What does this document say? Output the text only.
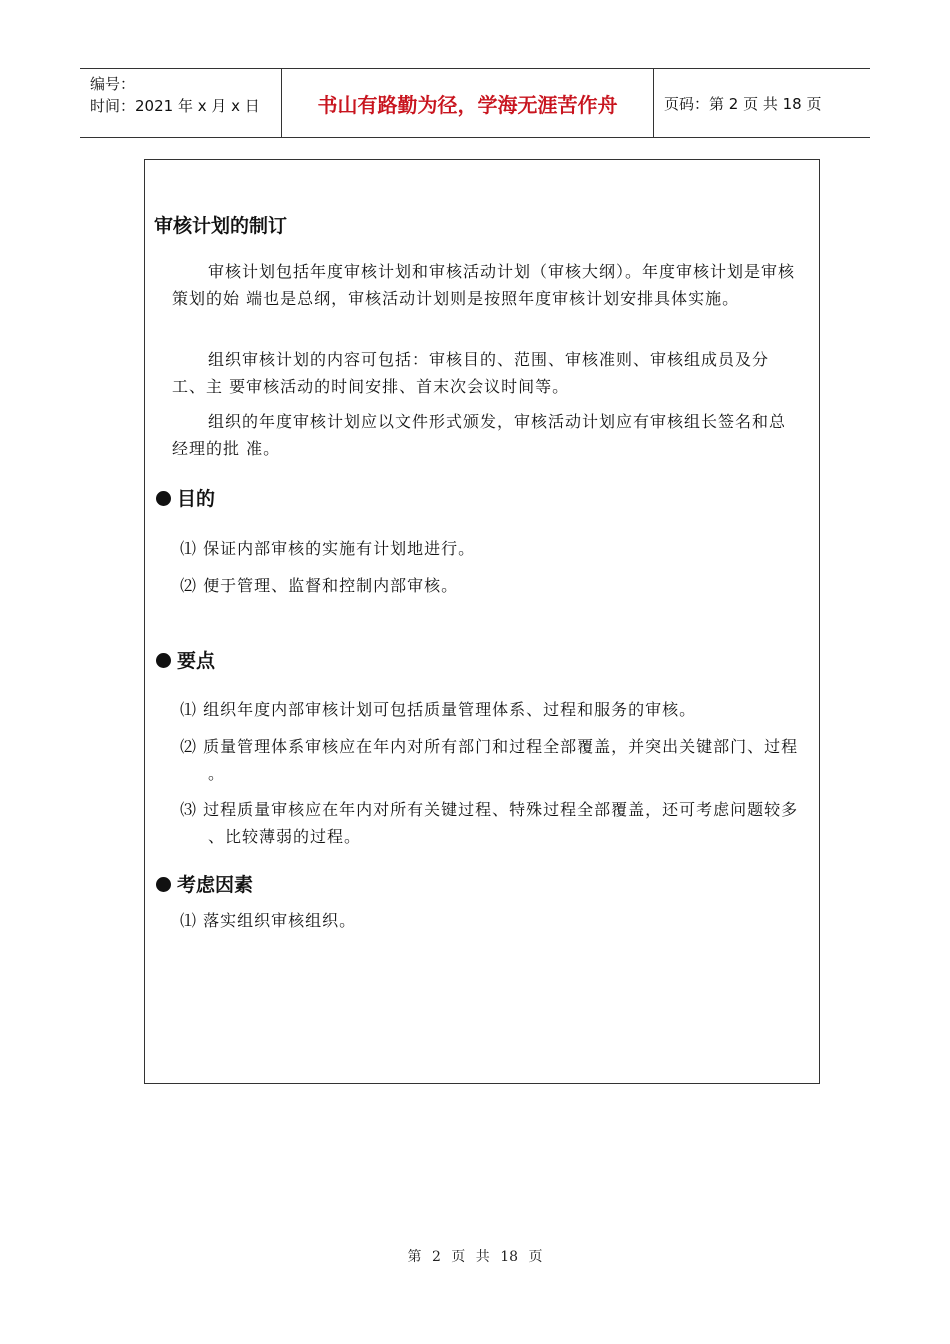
编号：
时间：2021 年 x 月 x 日	书山有路勤为径，学海无涯苦作舟	页码：第 2 页 共 18 页
审核计划的制订
审核计划包括年度审核计划和审核活动计划（审核大纲）。年度审核计划是审核策划的始 端也是总纲，审核活动计划则是按照年度审核计划安排具体实施。
组织审核计划的内容可包括：审核目的、范围、审核准则、审核组成员及分工、主 要审核活动的时间安排、首末次会议时间等。
组织的年度审核计划应以文件形式颁发，审核活动计划应有审核组长签名和总经理的批 准。
目的
⑴ 保证内部审核的实施有计划地进行。
⑵ 便于管理、监督和控制内部审核。
要点
⑴ 组织年度内部审核计划可包括质量管理体系、过程和服务的审核。
⑵ 质量管理体系审核应在年内对所有部门和过程全部覆盖，并突出关键部门、过程 。
⑶ 过程质量审核应在年内对所有关键过程、特殊过程全部覆盖，还可考虑问题较多 、比较薄弱的过程。
考虑因素
⑴ 落实组织审核组织。
第 2 页 共 18 页
